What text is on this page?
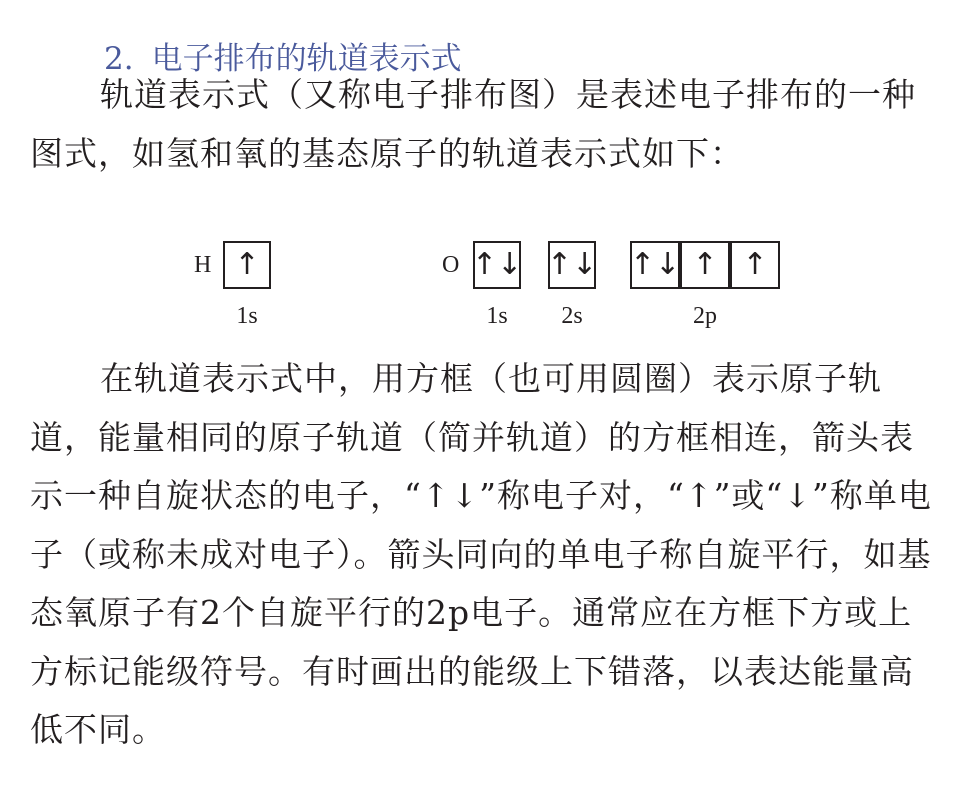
2. 电子排布的轨道表示式

轨道表示式（又称电子排布图）是表述电子排布的一种图式，如氢和氧的基态原子的轨道表示式如下：

H ↑
1s
O ↑↓
1s
↑↓
2s
↑↓ ↑ ↑
2p

在轨道表示式中，用方框（也可用圆圈）表示原子轨道，能量相同的原子轨道（简并轨道）的方框相连，箭头表示一种自旋状态的电子，“↑↓”称电子对，“↑”或“↓”称单电子（或称未成对电子）。箭头同向的单电子称自旋平行，如基态氧原子有2个自旋平行的2p电子。通常应在方框下方或上方标记能级符号。有时画出的能级上下错落，以表达能量高低不同。
